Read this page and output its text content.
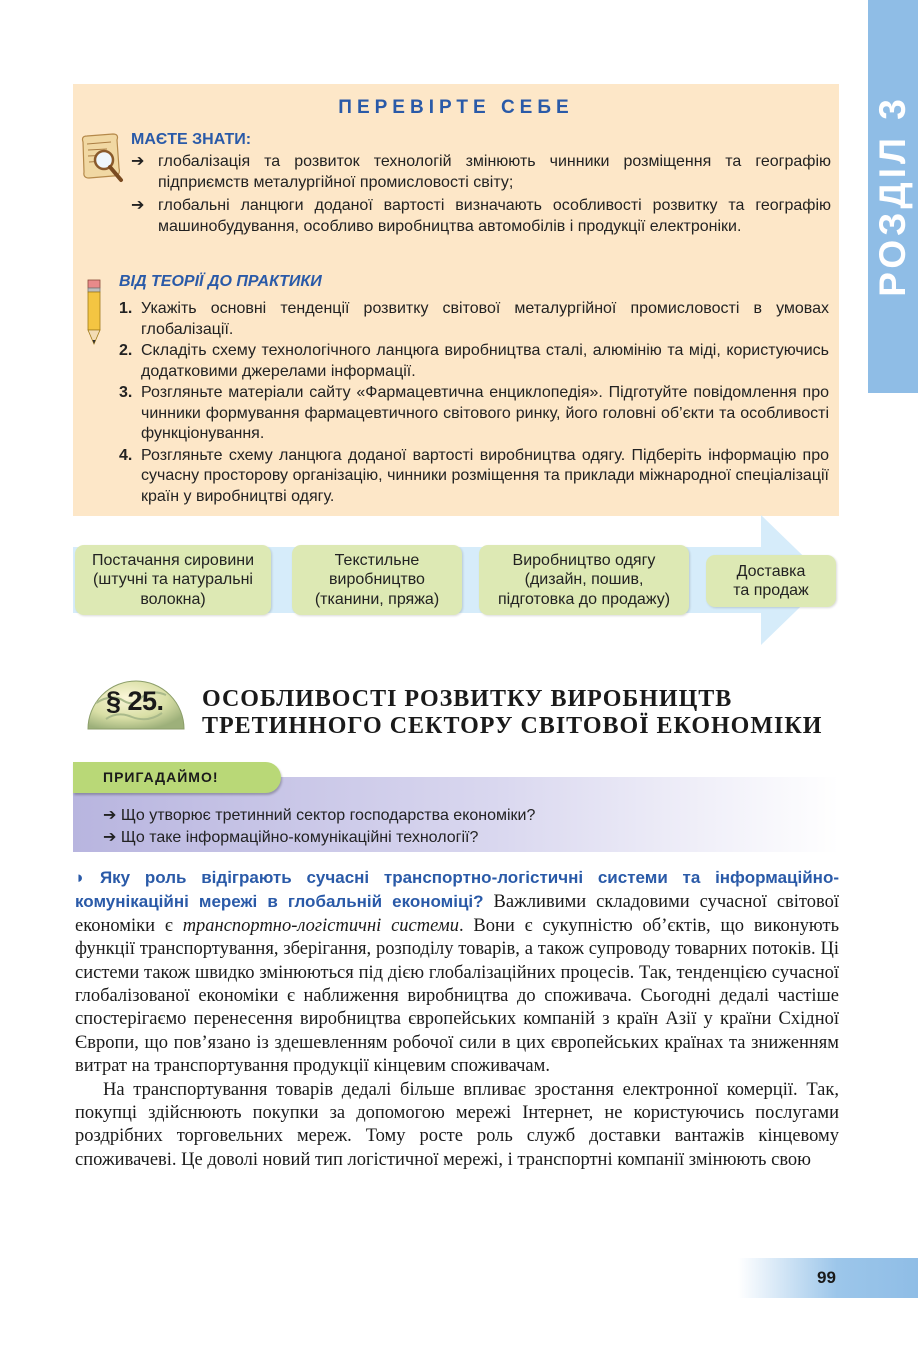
РОЗДІЛ 3
ПЕРЕВІРТЕ СЕБЕ
МАЄТЕ ЗНАТИ:
➔ глобалізація та розвиток технологій змінюють чинники розміщення та географію підприємств металургійної промисловості світу;
➔ глобальні ланцюги доданої вартості визначають особливості розвитку та географію машинобудування, особливо виробництва автомобілів і продукції електроніки.
ВІД ТЕОРІЇ ДО ПРАКТИКИ
1. Укажіть основні тенденції розвитку світової металургійної промисловості в умовах глобалізації.
2. Складіть схему технологічного ланцюга виробництва сталі, алюмінію та міді, користуючись додатковими джерелами інформації.
3. Розгляньте матеріали сайту «Фармацевтична енциклопедія». Підготуйте повідомлення про чинники формування фармацевтичного світового ринку, його головні об’єкти та особливості функціонування.
4. Розгляньте схему ланцюга доданої вартості виробництва одягу. Підберіть інформацію про сучасну просторову організацію, чинники розміщення та приклади міжнародної спеціалізації країн у виробництві одягу.
Постачання сировини
(штучні та натуральні
волокна)
Текстильне
виробництво
(тканини, пряжа)
Виробництво одягу
(дизайн, пошив,
підготовка до продажу)
Доставка
та продаж
§ 25. ОСОБЛИВОСТІ РОЗВИТКУ ВИРОБНИЦТВ
ТРЕТИННОГО СЕКТОРУ СВІТОВОЇ ЕКОНОМІКИ
ПРИГАДАЙМО!
➔ Що утворює третинний сектор господарства економіки?
➔ Що таке інформаційно-комунікаційні технології?

◗ Яку роль відіграють сучасні транспортно-логістичні системи та інформаційно-комунікаційні мережі в глобальній економіці? Важливими складовими сучасної світової економіки є транспортно-логістичні системи. Вони є сукупністю об’єктів, що виконують функції транспортування, зберігання, розподілу товарів, а також супроводу товарних потоків. Ці системи також швидко змінюються під дією глобалізаційних процесів. Так, тенденцією сучасної глобалізованої економіки є наближення виробництва до споживача. Сьогодні дедалі частіше спостерігаємо перенесення виробництва європейських компаній з країн Азії у країни Східної Європи, що пов’язано із здешевленням робочої сили в цих європейських країнах та зниженням витрат на транспортування продукції кінцевим споживачам.

На транспортування товарів дедалі більше впливає зростання електронної комерції. Так, покупці здійснюють покупки за допомогою мережі Інтернет, не користуючись послугами роздрібних торговельних мереж. Тому росте роль служб доставки вантажів кінцевому споживачеві. Це доволі новий тип логістичної мережі, і транспортні компанії змінюють свою

99
